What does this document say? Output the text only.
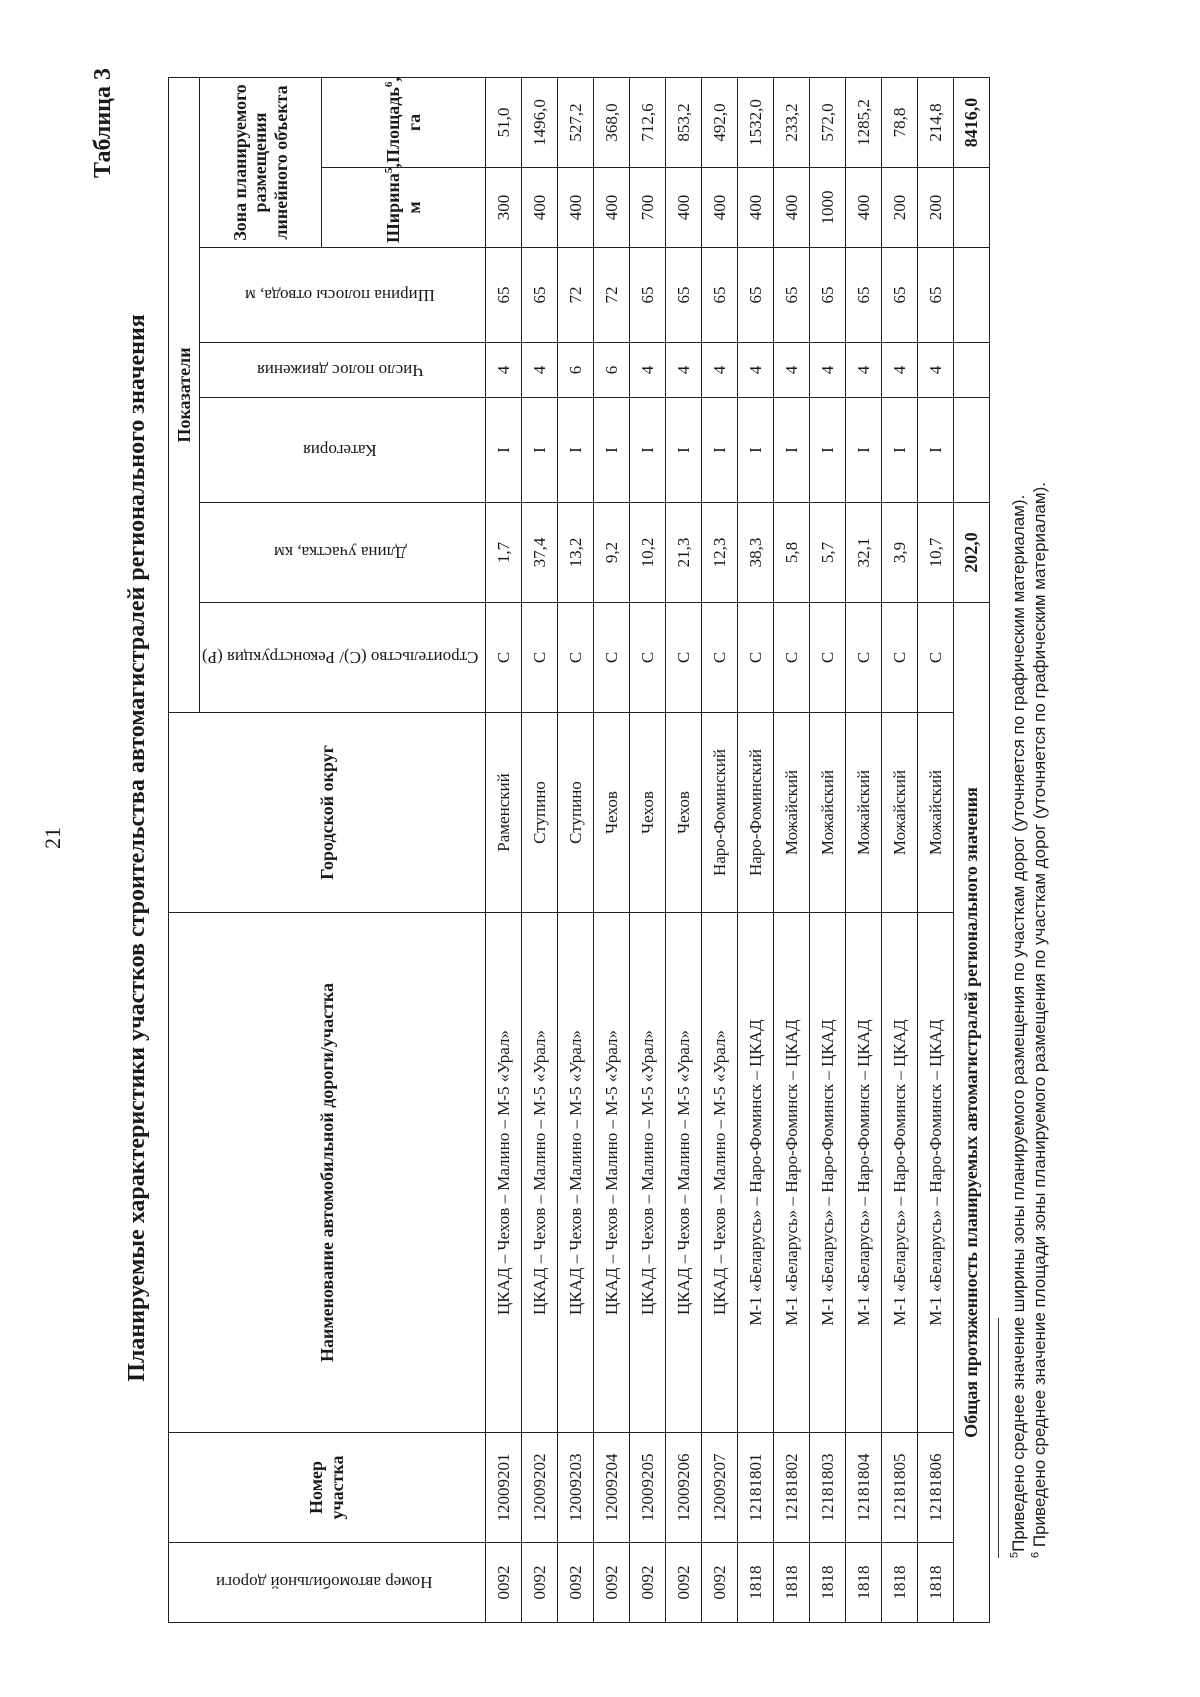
21
Таблица 3
Планируемые характеристики участков строительства автомагистралей регионального значения
Номер автомобильной дороги	Номер участка	Наименование автомобильной дороги/участка	Городской округ	Показатели						
				Строительство (С)/ Реконструкция (Р)	Длина участка, км	Категория	Число полос движения	Ширина полосы отвода, м	Зона планируемого размещения линейного объекта	
									Ширина$^5$, м	Площадь$^6$, га
0092	12009201	ЦКАД – Чехов – Малино – М-5 «Урал»	Раменский	С	1,7	I	4	65	300	51,0
0092	12009202	ЦКАД – Чехов – Малино – М-5 «Урал»	Ступино	С	37,4	I	4	65	400	1496,0
0092	12009203	ЦКАД – Чехов – Малино – М-5 «Урал»	Ступино	С	13,2	I	6	72	400	527,2
0092	12009204	ЦКАД – Чехов – Малино – М-5 «Урал»	Чехов	С	9,2	I	6	72	400	368,0
0092	12009205	ЦКАД – Чехов – Малино – М-5 «Урал»	Чехов	С	10,2	I	4	65	700	712,6
0092	12009206	ЦКАД – Чехов – Малино – М-5 «Урал»	Чехов	С	21,3	I	4	65	400	853,2
0092	12009207	ЦКАД – Чехов – Малино – М-5 «Урал»	Наро-Фоминский	С	12,3	I	4	65	400	492,0
1818	12181801	М-1 «Беларусь» – Наро-Фоминск – ЦКАД	Наро-Фоминский	С	38,3	I	4	65	400	1532,0
1818	12181802	М-1 «Беларусь» – Наро-Фоминск – ЦКАД	Можайский	С	5,8	I	4	65	400	233,2
1818	12181803	М-1 «Беларусь» – Наро-Фоминск – ЦКАД	Можайский	С	5,7	I	4	65	1000	572,0
1818	12181804	М-1 «Беларусь» – Наро-Фоминск – ЦКАД	Можайский	С	32,1	I	4	65	400	1285,2
1818	12181805	М-1 «Беларусь» – Наро-Фоминск – ЦКАД	Можайский	С	3,9	I	4	65	200	78,8
1818	12181806	М-1 «Беларусь» – Наро-Фоминск – ЦКАД	Можайский	С	10,7	I	4	65	200	214,8
Общая протяженность планируемых автомагистралей регионального значения					202,0					8416,0
$^5$Приведено среднее значение ширины зоны планируемого размещения по участкам дорог (уточняется по графическим материалам).
$^6$ Приведено среднее значение площади зоны планируемого размещения по участкам дорог (уточняется по графическим материалам).
